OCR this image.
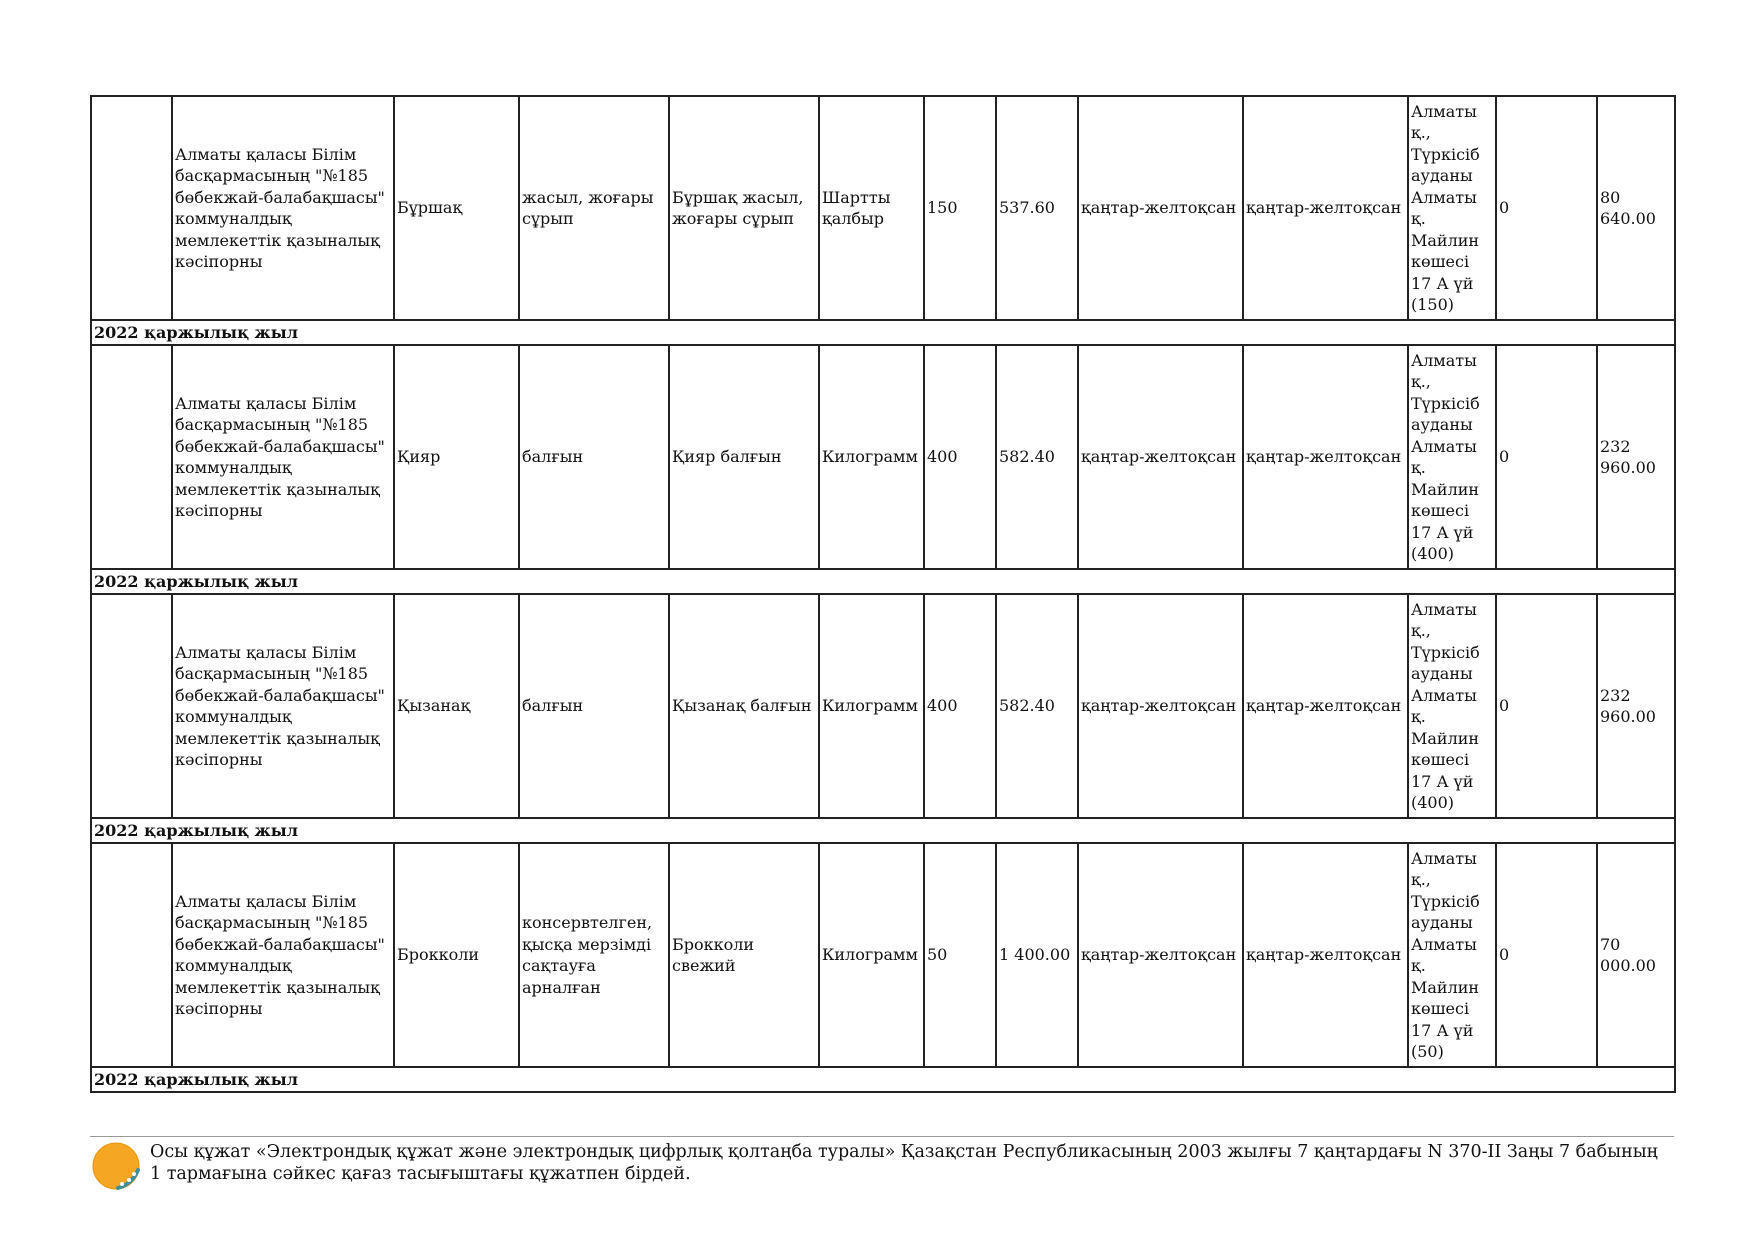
	Алматы қаласы Білім басқармасының "№185 бөбекжай-балабақшасы" коммуналдық мемлекеттік қазыналық кәсіпорны	Бұршақ	жасыл, жоғары сұрып	Бұршақ жасыл, жоғары сұрып	Шартты қалбыр	150	537.60	қаңтар-желтоқсан	қаңтар-желтоқсан	Алматы қ., Түркісіб ауданы Алматы қ. Майлин көшесі 17 А үй (150)	0	80 640.00
2022 қаржылық жыл												
	Алматы қаласы Білім басқармасының "№185 бөбекжай-балабақшасы" коммуналдық мемлекеттік қазыналық кәсіпорны	Қияр	балғын	Қияр балғын	Килограмм	400	582.40	қаңтар-желтоқсан	қаңтар-желтоқсан	Алматы қ., Түркісіб ауданы Алматы қ. Майлин көшесі 17 А үй (400)	0	232 960.00
2022 қаржылық жыл												
	Алматы қаласы Білім басқармасының "№185 бөбекжай-балабақшасы" коммуналдық мемлекеттік қазыналық кәсіпорны	Қызанақ	балғын	Қызанақ балғын	Килограмм	400	582.40	қаңтар-желтоқсан	қаңтар-желтоқсан	Алматы қ., Түркісіб ауданы Алматы қ. Майлин көшесі 17 А үй (400)	0	232 960.00
2022 қаржылық жыл												
	Алматы қаласы Білім басқармасының "№185 бөбекжай-балабақшасы" коммуналдық мемлекеттік қазыналық кәсіпорны	Брокколи	консервтелген, қысқа мерзімді сақтауға арналған	Брокколи свежий	Килограмм	50	1 400.00	қаңтар-желтоқсан	қаңтар-желтоқсан	Алматы қ., Түркісіб ауданы Алматы қ. Майлин көшесі 17 А үй (50)	0	70 000.00
2022 қаржылық жыл												
Осы құжат «Электрондық құжат және электрондық цифрлық қолтаңба туралы» Қазақстан Республикасының 2003 жылғы 7 қаңтардағы N 370-II Заңы 7 бабының 1 тармағына сәйкес қағаз тасығыштағы құжатпен бірдей.
